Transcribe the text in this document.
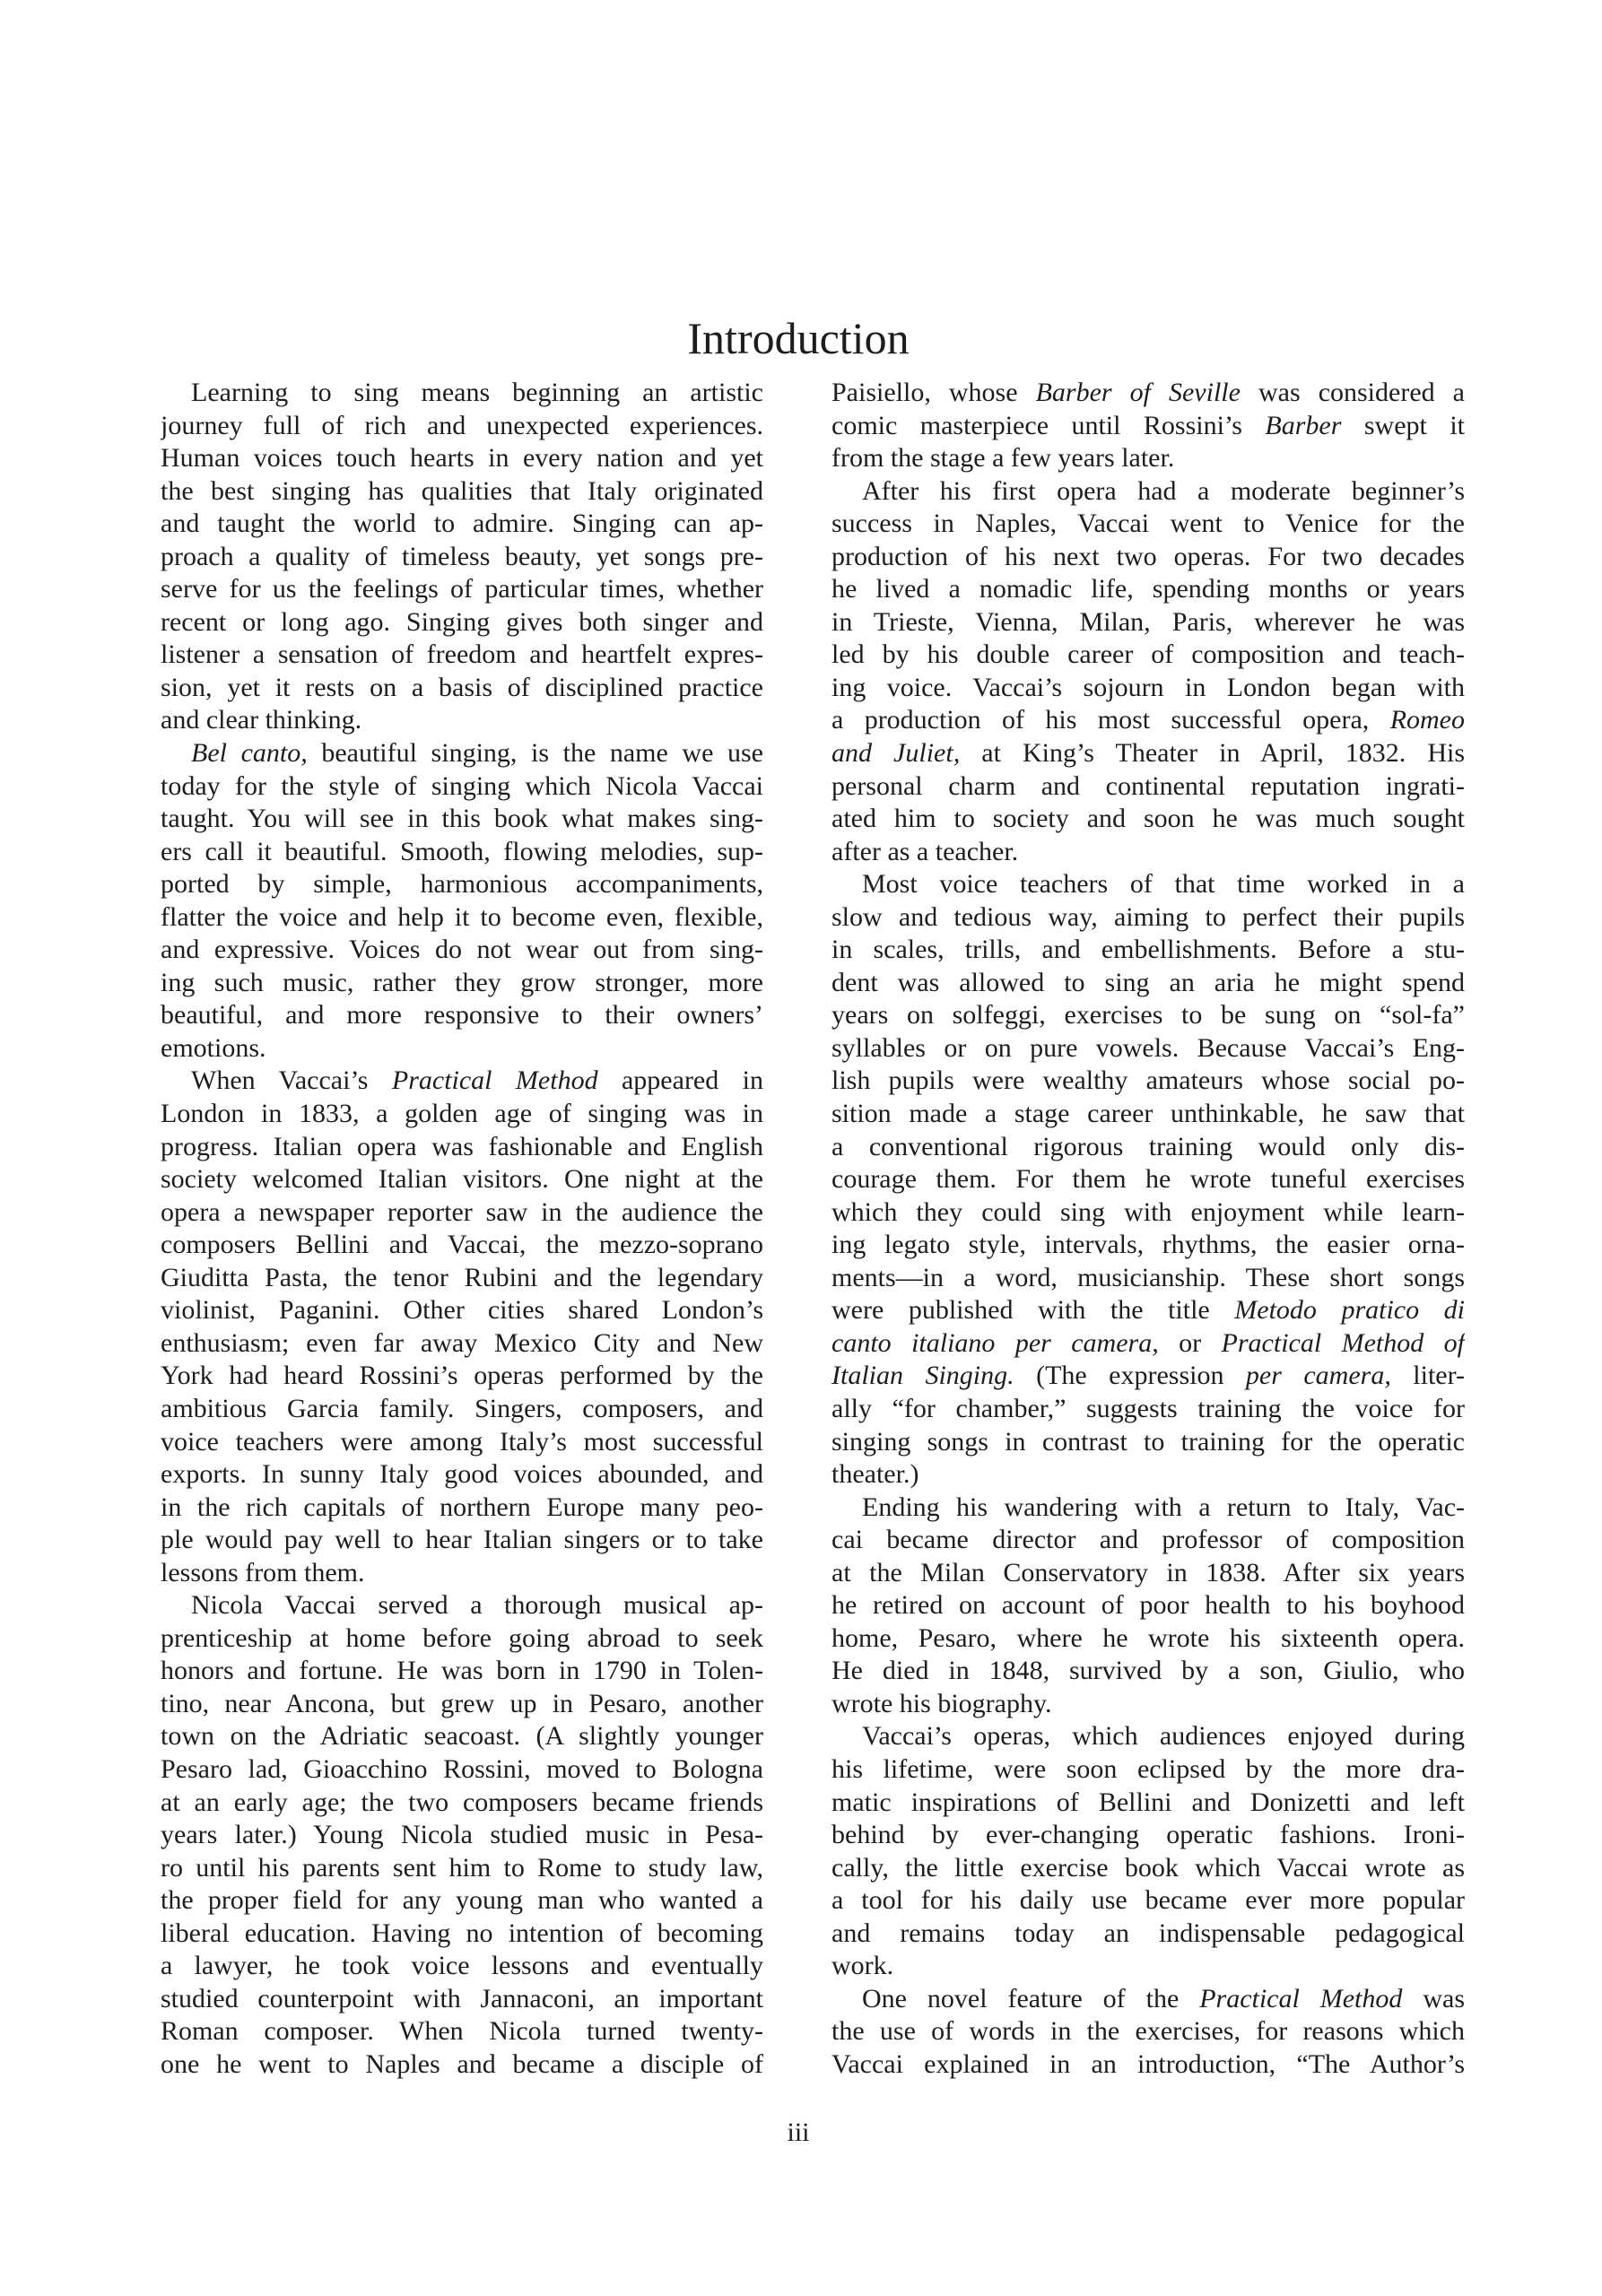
Introduction
Learning to sing means beginning an artistic
journey full of rich and unexpected experiences.
Human voices touch hearts in every nation and yet
the best singing has qualities that Italy originated
and taught the world to admire. Singing can ap-
proach a quality of timeless beauty, yet songs pre-
serve for us the feelings of particular times, whether
recent or long ago. Singing gives both singer and
listener a sensation of freedom and heartfelt expres-
sion, yet it rests on a basis of disciplined practice
and clear thinking.
Bel canto, beautiful singing, is the name we use
today for the style of singing which Nicola Vaccai
taught. You will see in this book what makes sing-
ers call it beautiful. Smooth, flowing melodies, sup-
ported by simple, harmonious accompaniments,
flatter the voice and help it to become even, flexible,
and expressive. Voices do not wear out from sing-
ing such music, rather they grow stronger, more
beautiful, and more responsive to their owners’
emotions.
When Vaccai’s Practical Method appeared in
London in 1833, a golden age of singing was in
progress. Italian opera was fashionable and English
society welcomed Italian visitors. One night at the
opera a newspaper reporter saw in the audience the
composers Bellini and Vaccai, the mezzo-soprano
Giuditta Pasta, the tenor Rubini and the legendary
violinist, Paganini. Other cities shared London’s
enthusiasm; even far away Mexico City and New
York had heard Rossini’s operas performed by the
ambitious Garcia family. Singers, composers, and
voice teachers were among Italy’s most successful
exports. In sunny Italy good voices abounded, and
in the rich capitals of northern Europe many peo-
ple would pay well to hear Italian singers or to take
lessons from them.
Nicola Vaccai served a thorough musical ap-
prenticeship at home before going abroad to seek
honors and fortune. He was born in 1790 in Tolen-
tino, near Ancona, but grew up in Pesaro, another
town on the Adriatic seacoast. (A slightly younger
Pesaro lad, Gioacchino Rossini, moved to Bologna
at an early age; the two composers became friends
years later.) Young Nicola studied music in Pesa-
ro until his parents sent him to Rome to study law,
the proper field for any young man who wanted a
liberal education. Having no intention of becoming
a lawyer, he took voice lessons and eventually
studied counterpoint with Jannaconi, an important
Roman composer. When Nicola turned twenty-
one he went to Naples and became a disciple of
Paisiello, whose Barber of Seville was considered a
comic masterpiece until Rossini’s Barber swept it
from the stage a few years later.
After his first opera had a moderate beginner’s
success in Naples, Vaccai went to Venice for the
production of his next two operas. For two decades
he lived a nomadic life, spending months or years
in Trieste, Vienna, Milan, Paris, wherever he was
led by his double career of composition and teach-
ing voice. Vaccai’s sojourn in London began with
a production of his most successful opera, Romeo
and Juliet, at King’s Theater in April, 1832. His
personal charm and continental reputation ingrati-
ated him to society and soon he was much sought
after as a teacher.
Most voice teachers of that time worked in a
slow and tedious way, aiming to perfect their pupils
in scales, trills, and embellishments. Before a stu-
dent was allowed to sing an aria he might spend
years on solfeggi, exercises to be sung on “sol-fa”
syllables or on pure vowels. Because Vaccai’s Eng-
lish pupils were wealthy amateurs whose social po-
sition made a stage career unthinkable, he saw that
a conventional rigorous training would only dis-
courage them. For them he wrote tuneful exercises
which they could sing with enjoyment while learn-
ing legato style, intervals, rhythms, the easier orna-
ments—in a word, musicianship. These short songs
were published with the title Metodo pratico di
canto italiano per camera, or Practical Method of
Italian Singing. (The expression per camera, liter-
ally “for chamber,” suggests training the voice for
singing songs in contrast to training for the operatic
theater.)
Ending his wandering with a return to Italy, Vac-
cai became director and professor of composition
at the Milan Conservatory in 1838. After six years
he retired on account of poor health to his boyhood
home, Pesaro, where he wrote his sixteenth opera.
He died in 1848, survived by a son, Giulio, who
wrote his biography.
Vaccai’s operas, which audiences enjoyed during
his lifetime, were soon eclipsed by the more dra-
matic inspirations of Bellini and Donizetti and left
behind by ever-changing operatic fashions. Ironi-
cally, the little exercise book which Vaccai wrote as
a tool for his daily use became ever more popular
and remains today an indispensable pedagogical
work.
One novel feature of the Practical Method was
the use of words in the exercises, for reasons which
Vaccai explained in an introduction, “The Author’s
iii
